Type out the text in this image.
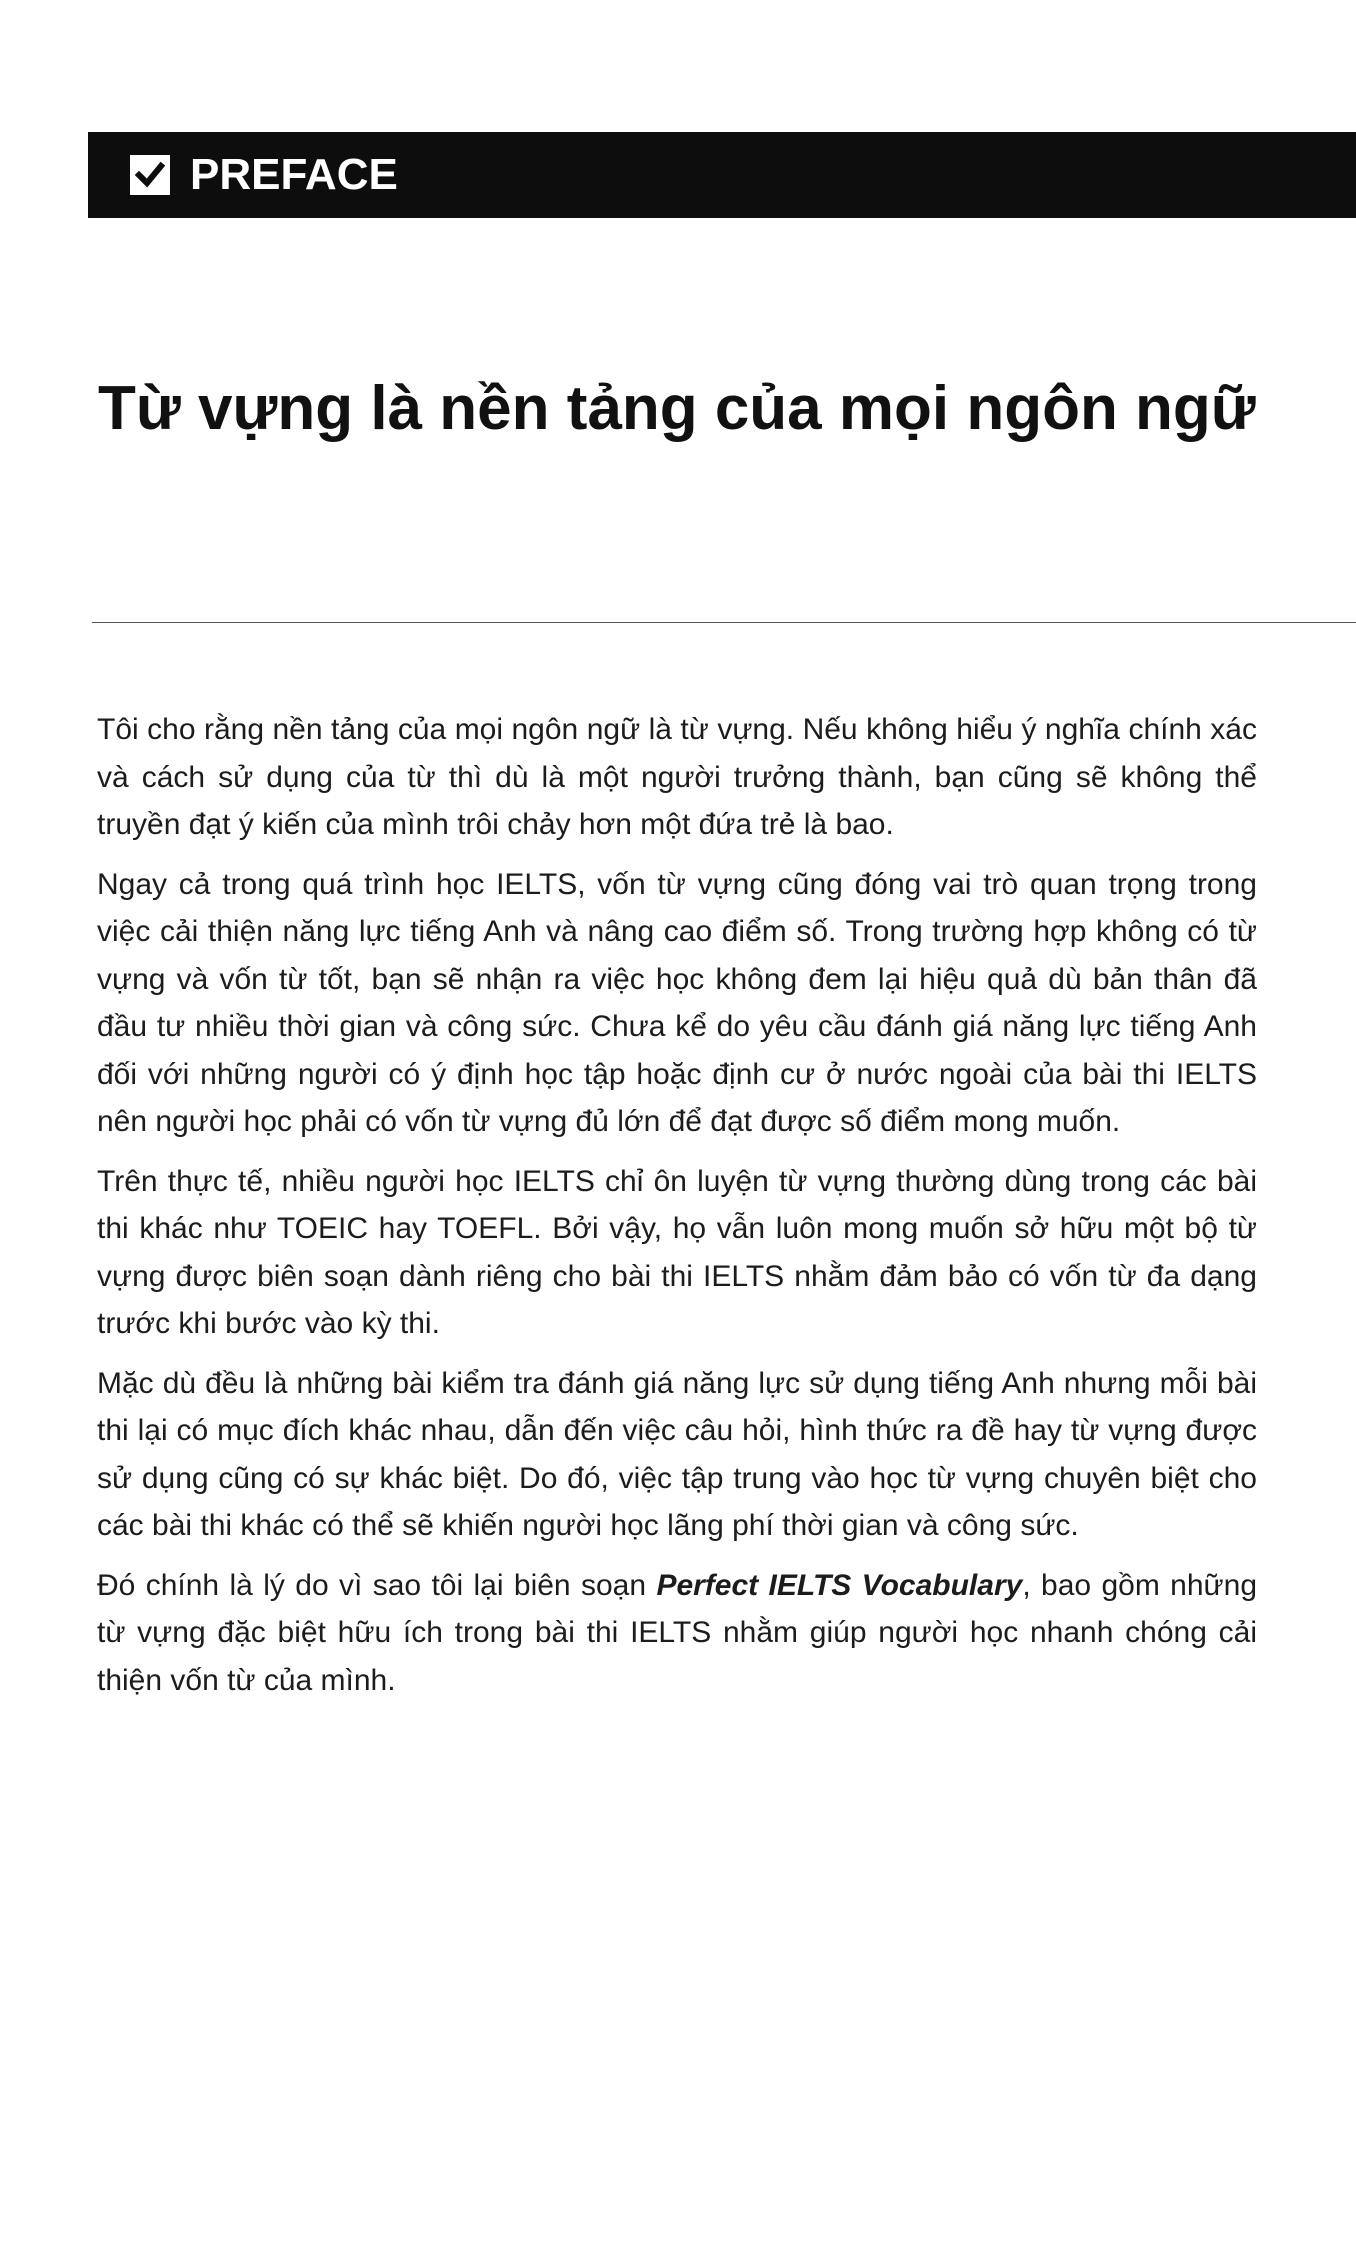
PREFACE
Từ vựng là nền tảng của mọi ngôn ngữ

Tôi cho rằng nền tảng của mọi ngôn ngữ là từ vựng. Nếu không hiểu ý nghĩa chính xác và cách sử dụng của từ thì dù là một người trưởng thành, bạn cũng sẽ không thể truyền đạt ý kiến của mình trôi chảy hơn một đứa trẻ là bao.

Ngay cả trong quá trình học IELTS, vốn từ vựng cũng đóng vai trò quan trọng trong việc cải thiện năng lực tiếng Anh và nâng cao điểm số. Trong trường hợp không có từ vựng và vốn từ tốt, bạn sẽ nhận ra việc học không đem lại hiệu quả dù bản thân đã đầu tư nhiều thời gian và công sức. Chưa kể do yêu cầu đánh giá năng lực tiếng Anh đối với những người có ý định học tập hoặc định cư ở nước ngoài của bài thi IELTS nên người học phải có vốn từ vựng đủ lớn để đạt được số điểm mong muốn.

Trên thực tế, nhiều người học IELTS chỉ ôn luyện từ vựng thường dùng trong các bài thi khác như TOEIC hay TOEFL. Bởi vậy, họ vẫn luôn mong muốn sở hữu một bộ từ vựng được biên soạn dành riêng cho bài thi IELTS nhằm đảm bảo có vốn từ đa dạng trước khi bước vào kỳ thi.

Mặc dù đều là những bài kiểm tra đánh giá năng lực sử dụng tiếng Anh nhưng mỗi bài thi lại có mục đích khác nhau, dẫn đến việc câu hỏi, hình thức ra đề hay từ vựng được sử dụng cũng có sự khác biệt. Do đó, việc tập trung vào học từ vựng chuyên biệt cho các bài thi khác có thể sẽ khiến người học lãng phí thời gian và công sức.

Đó chính là lý do vì sao tôi lại biên soạn Perfect IELTS Vocabulary, bao gồm những từ vựng đặc biệt hữu ích trong bài thi IELTS nhằm giúp người học nhanh chóng cải thiện vốn từ của mình.
